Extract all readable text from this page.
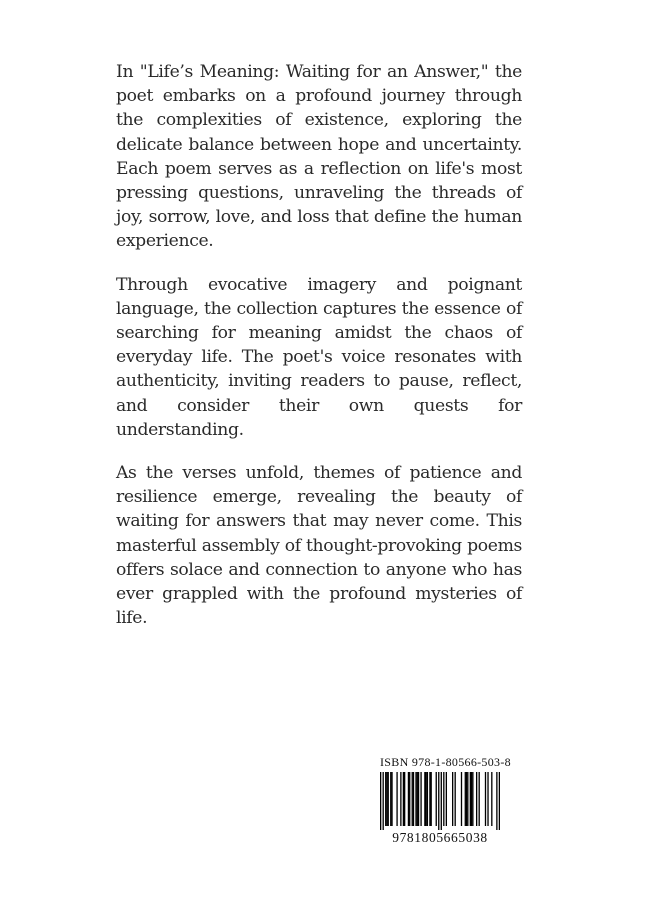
In "Life’s Meaning: Waiting for an Answer," the poet embarks on a profound journey through the complexities of existence, exploring the delicate balance between hope and uncertainty. Each poem serves as a reflection on life's most pressing questions, unraveling the threads of joy, sorrow, love, and loss that define the human experience.

Through evocative imagery and poignant language, the collection captures the essence of searching for meaning amidst the chaos of everyday life. The poet's voice resonates with authenticity, inviting readers to pause, reflect, and consider their own quests for understanding.

As the verses unfold, themes of patience and resilience emerge, revealing the beauty of waiting for answers that may never come. This masterful assembly of thought-provoking poems offers solace and connection to anyone who has ever grappled with the profound mysteries of life.

ISBN 978-1-80566-503-8
9781805665038
